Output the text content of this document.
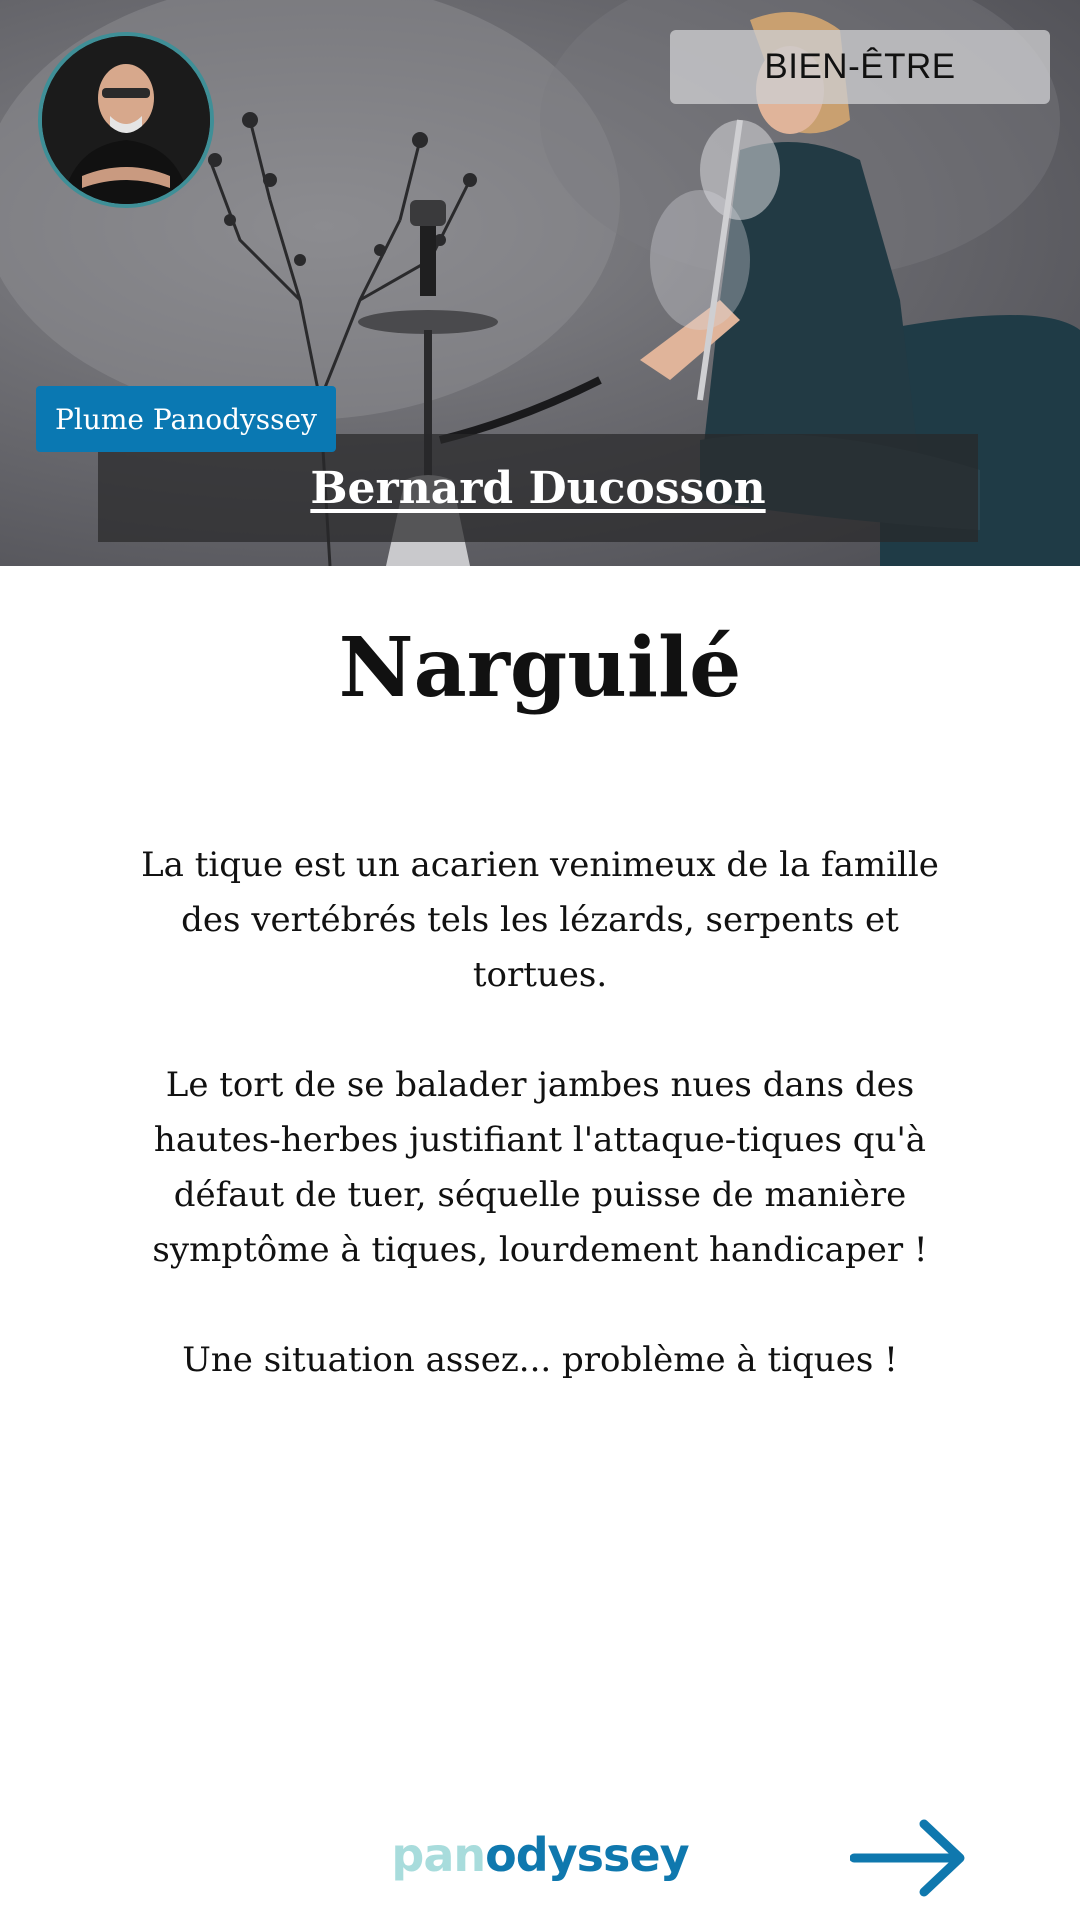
BIEN-ÊTRE
Bernard Ducosson
Plume Panodyssey
Narguilé

La tique est un acarien venimeux de la famille des vertébrés tels les lézards, serpents et tortues.

Le tort de se balader jambes nues dans des hautes-herbes justifiant l'attaque-tiques qu'à défaut de tuer, séquelle puisse de manière symptôme à tiques, lourdement handicaper !

Une situation assez... problème à tiques !

panodyssey
